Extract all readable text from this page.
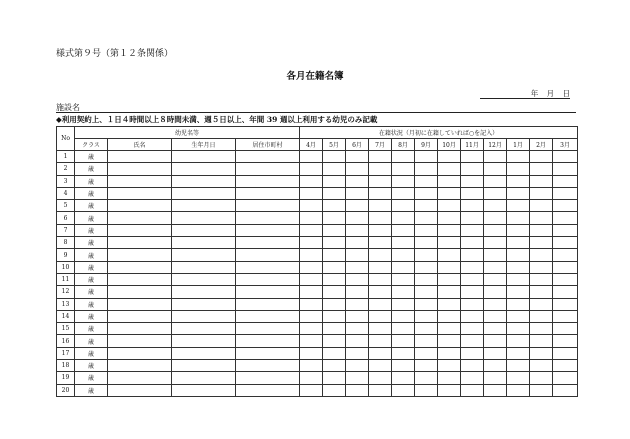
様式第９号（第１２条関係）
各月在籍名簿
年 月 日
施設名
◆利用契約上、１日４時間以上８時間未満、週５日以上、年間 39 週以上利用する幼児のみ記載
No	幼児名等				在籍状況（月初に在籍していれば○を記入）											
	クラス	氏名	生年月日	居住市町村	4月	5月	6月	7月	8月	9月	10月	11月	12月	1月	2月	3月
1	歳															
2	歳															
3	歳															
4	歳															
5	歳															
6	歳															
7	歳															
8	歳															
9	歳															
10	歳															
11	歳															
12	歳															
13	歳															
14	歳															
15	歳															
16	歳															
17	歳															
18	歳															
19	歳															
20	歳															
